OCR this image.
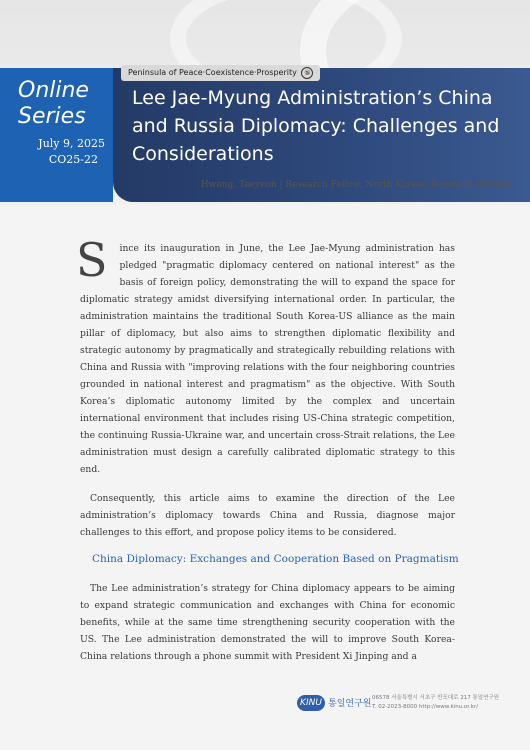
Online
Series

July 9, 2025
CO25-22
Peninsula of Peace·Coexistence·Prosperity ⑤
Lee Jae-Myung Administration’s China and Russia Diplomacy: Challenges and Considerations

Hwang, Taeyeon | Research Fellow, North Korean Research Division

S ince its inauguration in June, the Lee Jae-Myung administration has pledged "pragmatic diplomacy centered on national interest" as the basis of foreign policy, demonstrating the will to expand the space for diplomatic strategy amidst diversifying international order. In particular, the administration maintains the traditional South Korea-US alliance as the main pillar of diplomacy, but also aims to strengthen diplomatic flexibility and strategic autonomy by pragmatically and strategically rebuilding relations with China and Russia with "improving relations with the four neighboring countries grounded in national interest and pragmatism" as the objective. With South Korea’s diplomatic autonomy limited by the complex and uncertain international environment that includes rising US-China strategic competition, the continuing Russia-Ukraine war, and uncertain cross-Strait relations, the Lee administration must design a carefully calibrated diplomatic strategy to this end.

Consequently, this article aims to examine the direction of the Lee administration’s diplomacy towards China and Russia, diagnose major challenges to this effort, and propose policy items to be considered.

China Diplomacy: Exchanges and Cooperation Based on Pragmatism

The Lee administration’s strategy for China diplomacy appears to be aiming to expand strategic communication and exchanges with China for economic benefits, while at the same time strengthening security cooperation with the US. The Lee administration demonstrated the will to improve South Korea-China relations through a phone summit with President Xi Jinping and a

KINU 통일연구원

06578 서울특별시 서초구 반포대로 217 통일연구원
T. 02-2023-8000 http://www.kinu.or.kr/
